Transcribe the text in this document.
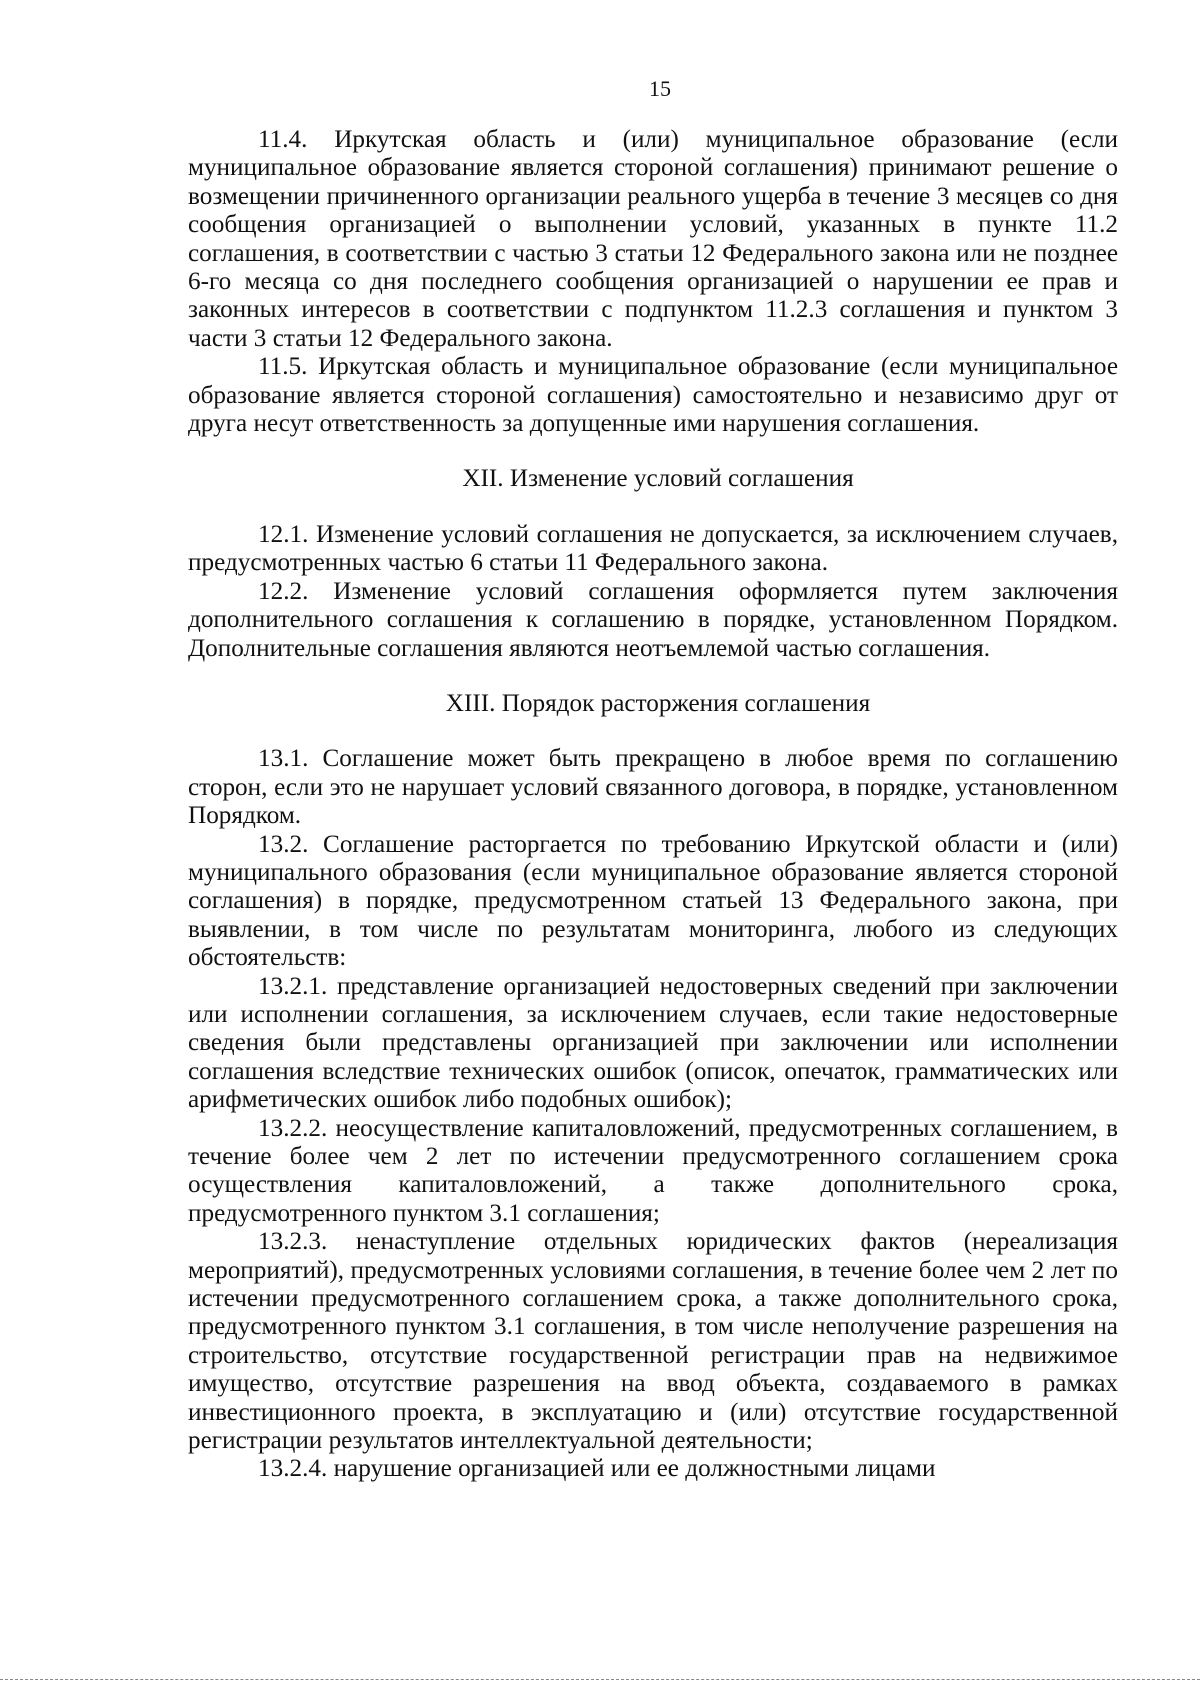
15

11.4. Иркутская область и (или) муниципальное образование (если муниципальное образование является стороной соглашения) принимают решение о возмещении причиненного организации реального ущерба в течение 3 месяцев со дня сообщения организацией о выполнении условий, указанных в пункте 11.2 соглашения, в соответствии с частью 3 статьи 12 Федерального закона или не позднее 6-го месяца со дня последнего сообщения организацией о нарушении ее прав и законных интересов в соответствии с подпунктом 11.2.3 соглашения и пунктом 3 части 3 статьи 12 Федерального закона.

11.5. Иркутская область и муниципальное образование (если муниципальное образование является стороной соглашения) самостоятельно и независимо друг от друга несут ответственность за допущенные ими нарушения соглашения.

XII. Изменение условий соглашения

12.1. Изменение условий соглашения не допускается, за исключением случаев, предусмотренных частью 6 статьи 11 Федерального закона.

12.2. Изменение условий соглашения оформляется путем заключения дополнительного соглашения к соглашению в порядке, установленном Порядком. Дополнительные соглашения являются неотъемлемой частью соглашения.

XIII. Порядок расторжения соглашения

13.1. Соглашение может быть прекращено в любое время по соглашению сторон, если это не нарушает условий связанного договора, в порядке, установленном Порядком.

13.2. Соглашение расторгается по требованию Иркутской области и (или) муниципального образования (если муниципальное образование является стороной соглашения) в порядке, предусмотренном статьей 13 Федерального закона, при выявлении, в том числе по результатам мониторинга, любого из следующих обстоятельств:

13.2.1. представление организацией недостоверных сведений при заключении или исполнении соглашения, за исключением случаев, если такие недостоверные сведения были представлены организацией при заключении или исполнении соглашения вследствие технических ошибок (описок, опечаток, грамматических или арифметических ошибок либо подобных ошибок);

13.2.2. неосуществление капиталовложений, предусмотренных соглашением, в течение более чем 2 лет по истечении предусмотренного соглашением срока осуществления капиталовложений, а также дополнительного срока, предусмотренного пунктом 3.1 соглашения;

13.2.3. ненаступление отдельных юридических фактов (нереализация мероприятий), предусмотренных условиями соглашения, в течение более чем 2 лет по истечении предусмотренного соглашением срока, а также дополнительного срока, предусмотренного пунктом 3.1 соглашения, в том числе неполучение разрешения на строительство, отсутствие государственной регистрации прав на недвижимое имущество, отсутствие разрешения на ввод объекта, создаваемого в рамках инвестиционного проекта, в эксплуатацию и (или) отсутствие государственной регистрации результатов интеллектуальной деятельности;

13.2.4. нарушение организацией или ее должностными лицами
